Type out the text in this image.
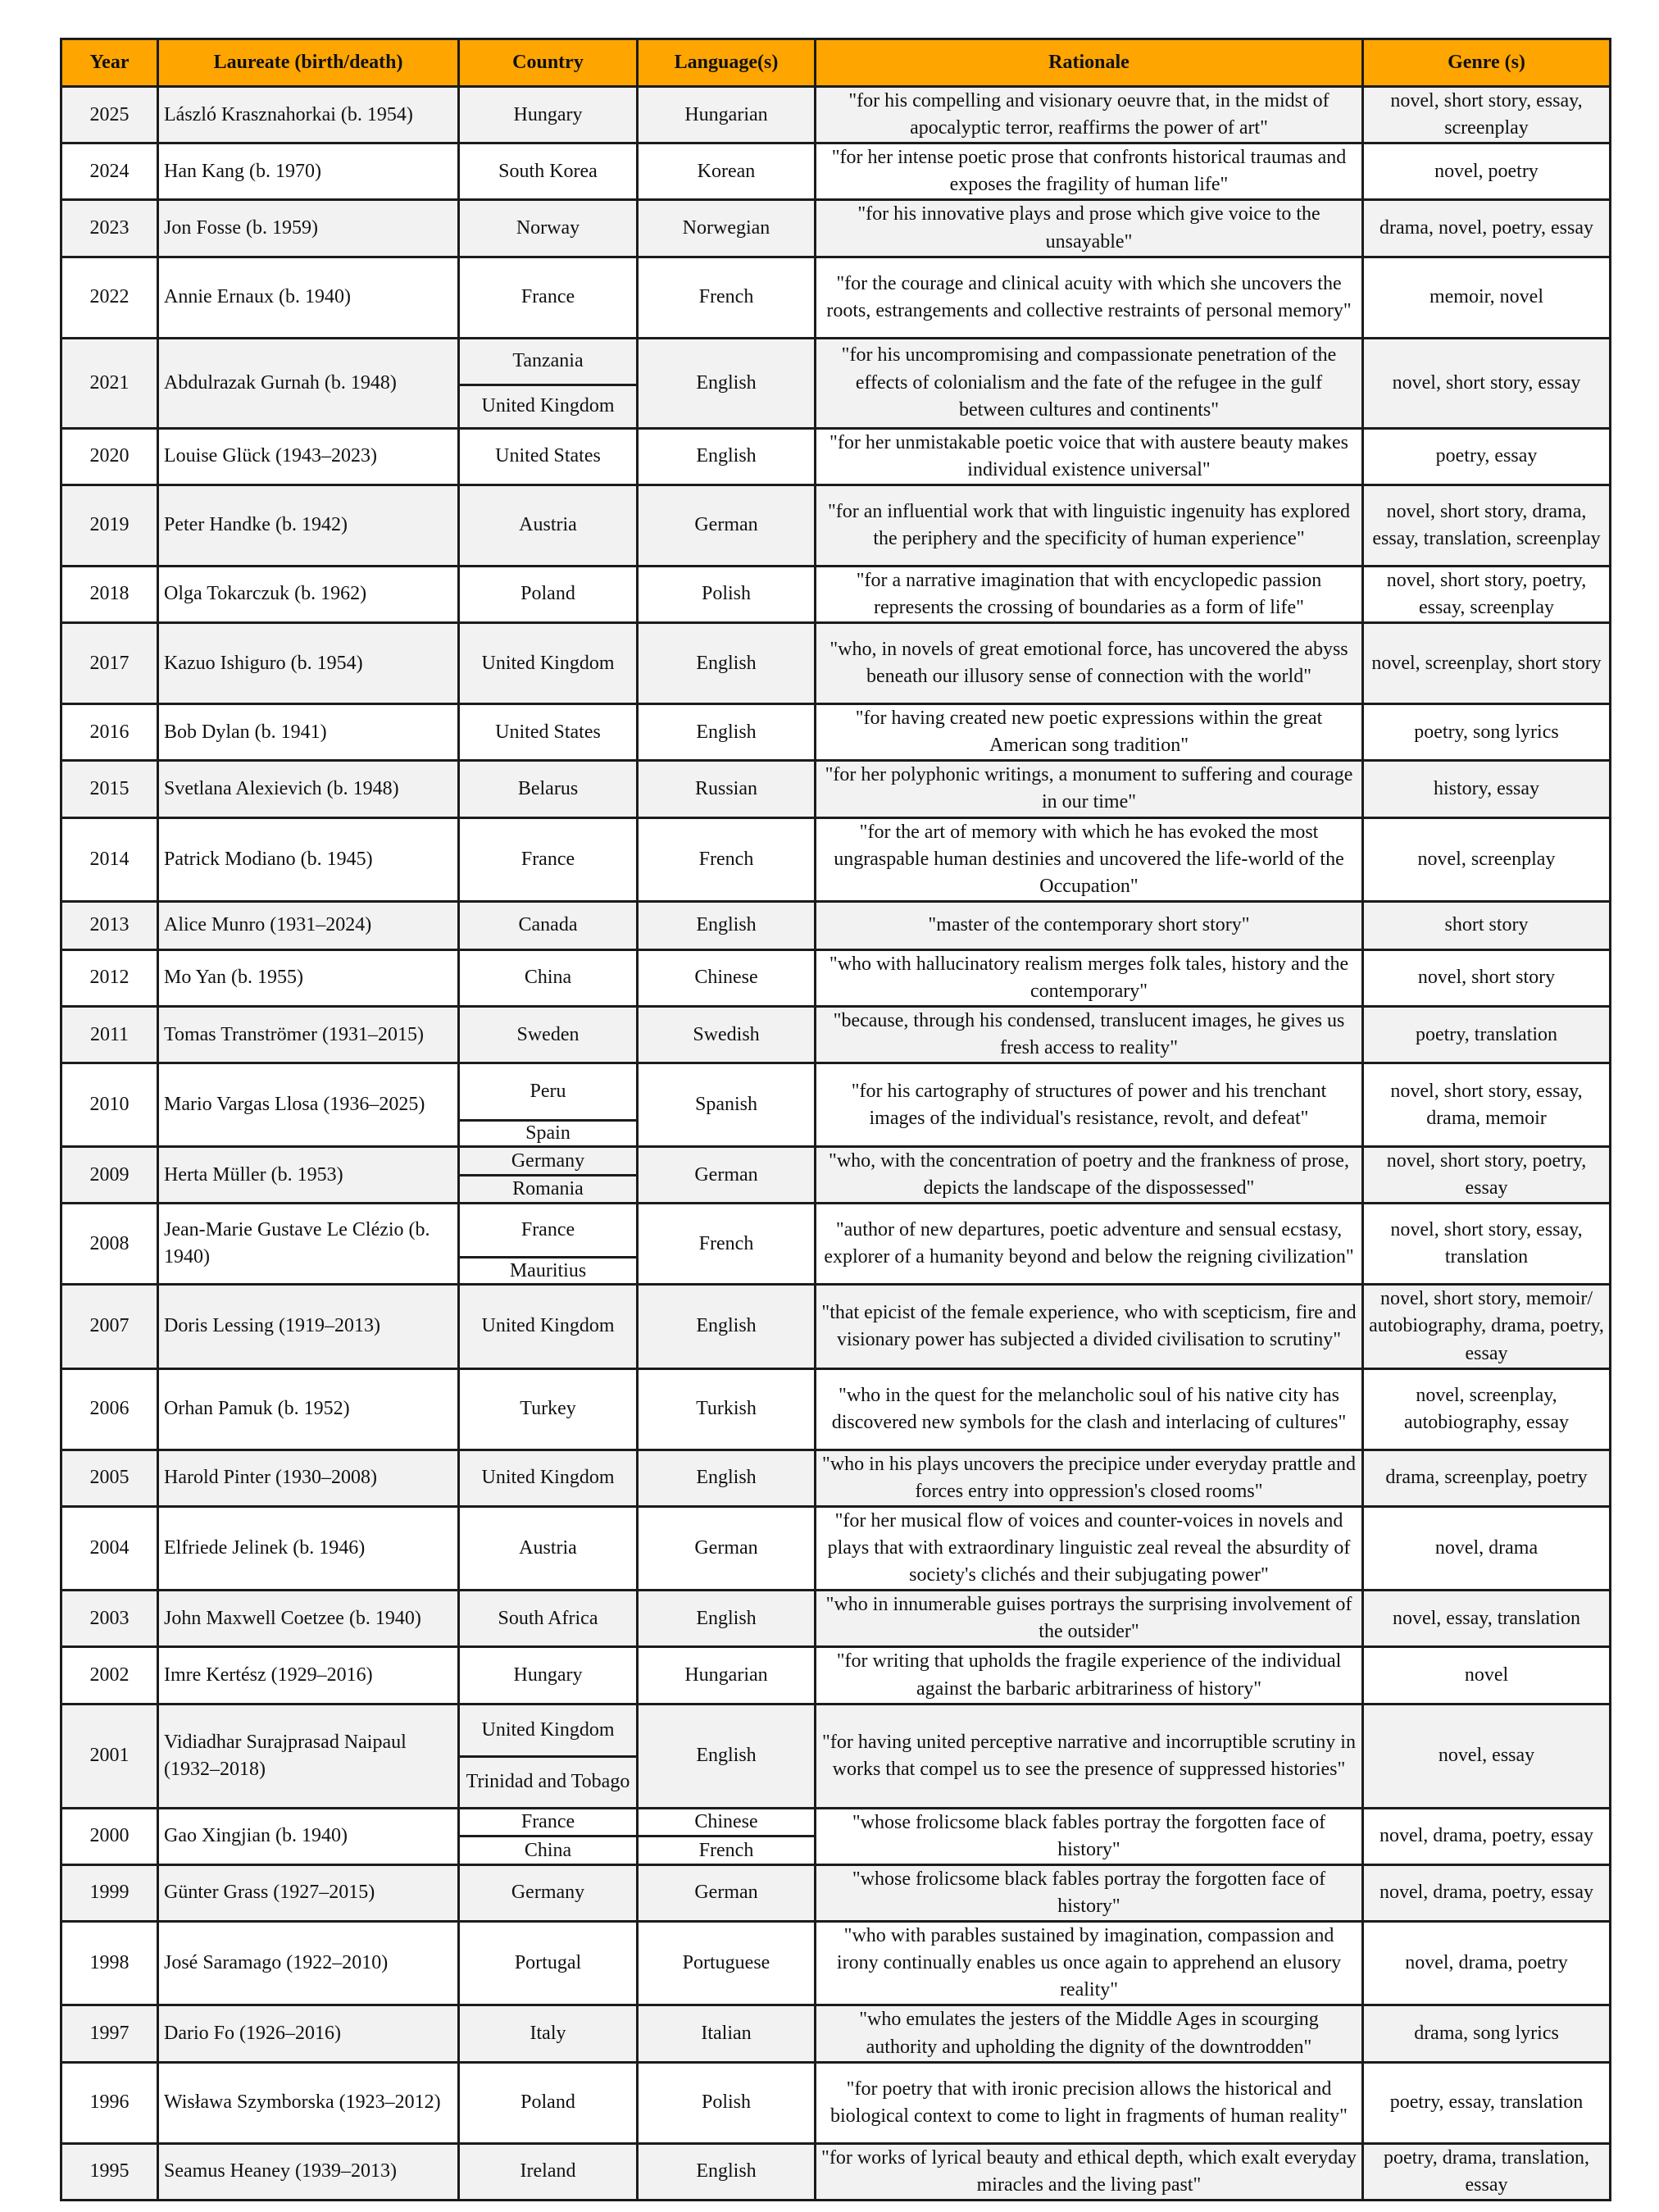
Year	Laureate (birth/death)	Country	Language(s)	Rationale	Genre (s)
2025	László Krasznahorkai (b. 1954)	Hungary	Hungarian	"for his compelling and visionary oeuvre that, in the midst of apocalyptic terror, reaffirms the power of art"	novel, short story, essay, screenplay
2024	Han Kang (b. 1970)	South Korea	Korean	"for her intense poetic prose that confronts historical traumas and exposes the fragility of human life"	novel, poetry
2023	Jon Fosse (b. 1959)	Norway	Norwegian	"for his innovative plays and prose which give voice to the unsayable"	drama, novel, poetry, essay
2022	Annie Ernaux (b. 1940)	France	French	"for the courage and clinical acuity with which she uncovers the roots, estrangements and collective restraints of personal memory"	memoir, novel
2021	Abdulrazak Gurnah (b. 1948)	Tanzania	English	"for his uncompromising and compassionate penetration of the effects of colonialism and the fate of the refugee in the gulf between cultures and continents"	novel, short story, essay
		United Kingdom			
2020	Louise Glück (1943–2023)	United States	English	"for her unmistakable poetic voice that with austere beauty makes individual existence universal"	poetry, essay
2019	Peter Handke (b. 1942)	Austria	German	"for an influential work that with linguistic ingenuity has explored the periphery and the specificity of human experience"	novel, short story, drama, essay, translation, screenplay
2018	Olga Tokarczuk (b. 1962)	Poland	Polish	"for a narrative imagination that with encyclopedic passion represents the crossing of boundaries as a form of life"	novel, short story, poetry, essay, screenplay
2017	Kazuo Ishiguro (b. 1954)	United Kingdom	English	"who, in novels of great emotional force, has uncovered the abyss beneath our illusory sense of connection with the world"	novel, screenplay, short story
2016	Bob Dylan (b. 1941)	United States	English	"for having created new poetic expressions within the great American song tradition"	poetry, song lyrics
2015	Svetlana Alexievich (b. 1948)	Belarus	Russian	"for her polyphonic writings, a monument to suffering and courage in our time"	history, essay
2014	Patrick Modiano (b. 1945)	France	French	"for the art of memory with which he has evoked the most ungraspable human destinies and uncovered the life-world of the Occupation"	novel, screenplay
2013	Alice Munro (1931–2024)	Canada	English	"master of the contemporary short story"	short story
2012	Mo Yan (b. 1955)	China	Chinese	"who with hallucinatory realism merges folk tales, history and the contemporary"	novel, short story
2011	Tomas Tranströmer (1931–2015)	Sweden	Swedish	"because, through his condensed, translucent images, he gives us fresh access to reality"	poetry, translation
2010	Mario Vargas Llosa (1936–2025)	Peru	Spanish	"for his cartography of structures of power and his trenchant images of the individual's resistance, revolt, and defeat"	novel, short story, essay, drama, memoir
		Spain			
2009	Herta Müller (b. 1953)	Germany	German	"who, with the concentration of poetry and the frankness of prose, depicts the landscape of the dispossessed"	novel, short story, poetry, essay
		Romania			
2008	Jean-Marie Gustave Le Clézio (b. 1940)	France	French	"author of new departures, poetic adventure and sensual ecstasy, explorer of a humanity beyond and below the reigning civilization"	novel, short story, essay, translation
		Mauritius			
2007	Doris Lessing (1919–2013)	United Kingdom	English	"that epicist of the female experience, who with scepticism, fire and visionary power has subjected a divided civilisation to scrutiny"	novel, short story, memoir/ autobiography, drama, poetry, essay
2006	Orhan Pamuk (b. 1952)	Turkey	Turkish	"who in the quest for the melancholic soul of his native city has discovered new symbols for the clash and interlacing of cultures"	novel, screenplay, autobiography, essay
2005	Harold Pinter (1930–2008)	United Kingdom	English	"who in his plays uncovers the precipice under everyday prattle and forces entry into oppression's closed rooms"	drama, screenplay, poetry
2004	Elfriede Jelinek (b. 1946)	Austria	German	"for her musical flow of voices and counter-voices in novels and plays that with extraordinary linguistic zeal reveal the absurdity of society's clichés and their subjugating power"	novel, drama
2003	John Maxwell Coetzee (b. 1940)	South Africa	English	"who in innumerable guises portrays the surprising involvement of the outsider"	novel, essay, translation
2002	Imre Kertész (1929–2016)	Hungary	Hungarian	"for writing that upholds the fragile experience of the individual against the barbaric arbitrariness of history"	novel
2001	Vidiadhar Surajprasad Naipaul (1932–2018)	United Kingdom	English	"for having united perceptive narrative and incorruptible scrutiny in works that compel us to see the presence of suppressed histories"	novel, essay
		Trinidad and Tobago			
2000	Gao Xingjian (b. 1940)	France	Chinese	"whose frolicsome black fables portray the forgotten face of history"	novel, drama, poetry, essay
		China	French		
1999	Günter Grass (1927–2015)	Germany	German	"whose frolicsome black fables portray the forgotten face of history"	novel, drama, poetry, essay
1998	José Saramago (1922–2010)	Portugal	Portuguese	"who with parables sustained by imagination, compassion and irony continually enables us once again to apprehend an elusory reality"	novel, drama, poetry
1997	Dario Fo (1926–2016)	Italy	Italian	"who emulates the jesters of the Middle Ages in scourging authority and upholding the dignity of the downtrodden"	drama, song lyrics
1996	Wisława Szymborska (1923–2012)	Poland	Polish	"for poetry that with ironic precision allows the historical and biological context to come to light in fragments of human reality"	poetry, essay, translation
1995	Seamus Heaney (1939–2013)	Ireland	English	"for works of lyrical beauty and ethical depth, which exalt everyday miracles and the living past"	poetry, drama, translation, essay
